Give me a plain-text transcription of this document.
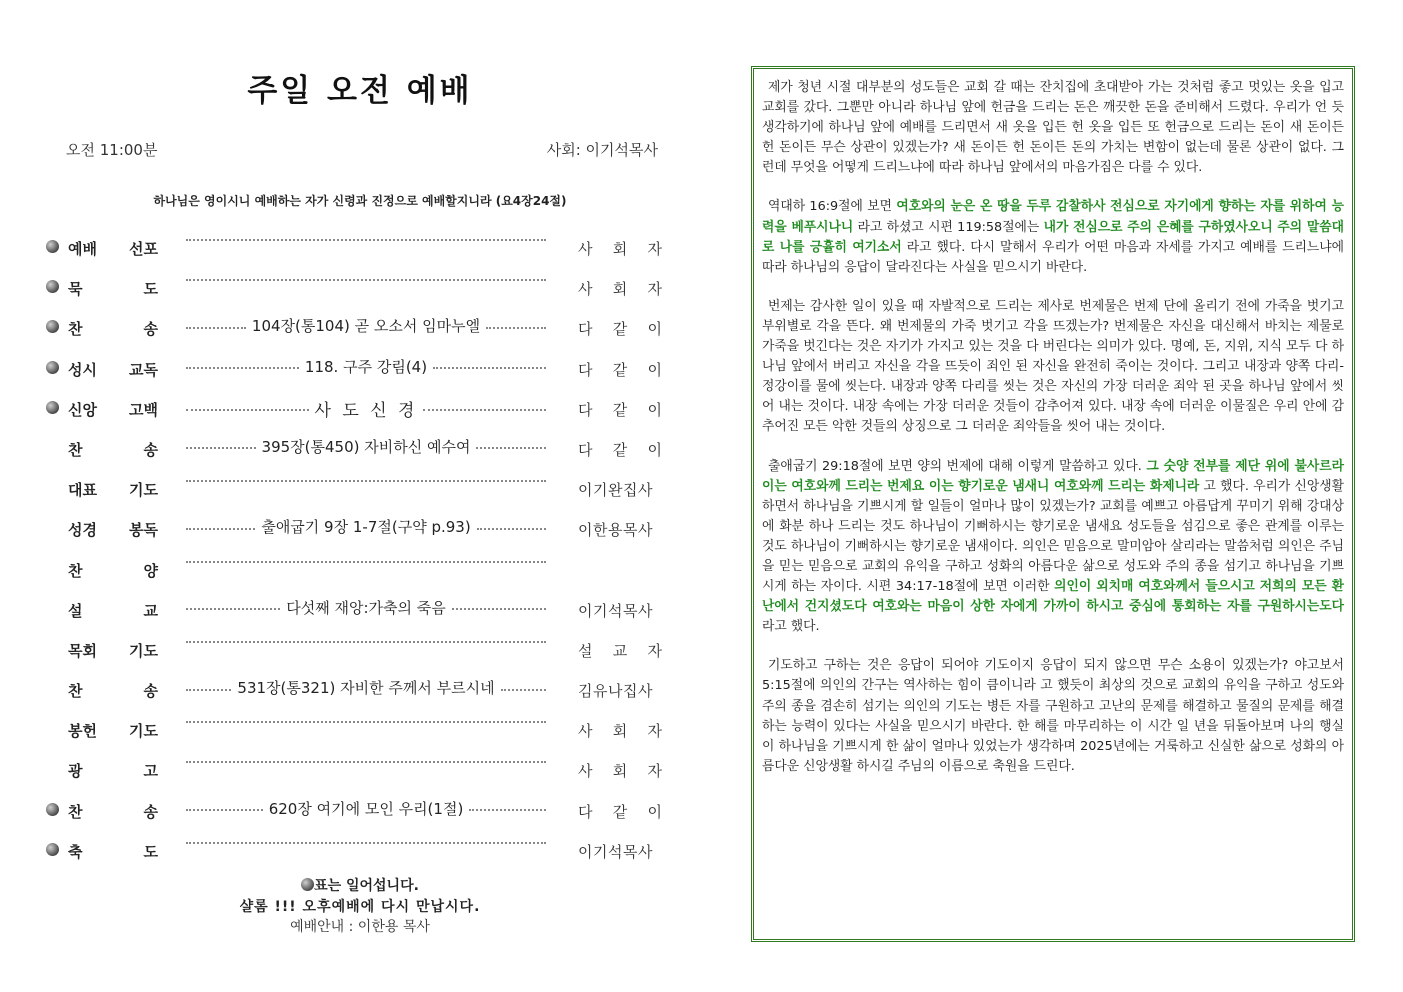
주일 오전 예배
오전 11:00분	사회: 이기석목사
하나님은 영이시니 예배하는 자가 신령과 진정으로 예배할지니라 (요4장24절)
예배 선포	사 회 자
묵	도	사 회 자
찬	송	104장(통104) 곧 오소서 임마누엘	다 같 이
성시 교독	118. 구주 강림(4)	다 같 이
신앙 고백	사 도 신 경	다 같 이
찬	송	395장(통450) 자비하신 예수여	다 같 이
대표 기도	이기완집사
성경 봉독	출애굽기 9장 1-7절(구약 p.93)	이한용목사
찬	양
설	교	다섯째 재앙:가축의 죽음	이기석목사
목회 기도	설 교 자
찬	송	531장(통321) 자비한 주께서 부르시네	김유나집사
봉헌 기도	사 회 자
광	고	사 회 자
찬	송	620장 여기에 모인 우리(1절)	다 같 이
축	도	이기석목사
표는 일어섭니다.
샬롬 !!! 오후예배에 다시 만납시다.
예배안내 : 이한용 목사

제가 청년 시절 대부분의 성도들은 교회 갈 때는 잔치집에 초대받아 가는 것처럼 좋고 멋있는 옷을 입고 교회를 갔다. 그뿐만 아니라 하나님 앞에 헌금을 드리는 돈은 깨끗한 돈을 준비해서 드렸다. 우리가 언 듯 생각하기에 하나님 앞에 예배를 드리면서 새 옷을 입든 헌 옷을 입든 또 헌금으로 드리는 돈이 새 돈이든 헌 돈이든 무슨 상관이 있겠는가? 새 돈이든 헌 돈이든 돈의 가치는 변함이 없는데 물론 상관이 없다. 그런데 무엇을 어떻게 드리느냐에 따라 하나님 앞에서의 마음가짐은 다를 수 있다.

역대하 16:9절에 보면 여호와의 눈은 온 땅을 두루 감찰하사 전심으로 자기에게 향하는 자를 위하여 능력을 베푸시나니 라고 하셨고 시편 119:58절에는 내가 전심으로 주의 은혜를 구하였사오니 주의 말씀대로 나를 긍휼히 여기소서 라고 했다. 다시 말해서 우리가 어떤 마음과 자세를 가지고 예배를 드리느냐에 따라 하나님의 응답이 달라진다는 사실을 믿으시기 바란다.

번제는 감사한 일이 있을 때 자발적으로 드리는 제사로 번제물은 번제 단에 올리기 전에 가죽을 벗기고 부위별로 각을 뜬다. 왜 번제물의 가죽 벗기고 각을 뜨겠는가? 번제물은 자신을 대신해서 바치는 제물로 가죽을 벗긴다는 것은 자기가 가지고 있는 것을 다 버린다는 의미가 있다. 명예, 돈, 지위, 지식 모두 다 하나님 앞에서 버리고 자신을 각을 뜨듯이 죄인 된 자신을 완전히 죽이는 것이다. 그리고 내장과 양쪽 다리-정강이를 물에 씻는다. 내장과 양쪽 다리를 씻는 것은 자신의 가장 더러운 죄악 된 곳을 하나님 앞에서 씻어 내는 것이다. 내장 속에는 가장 더러운 것들이 감추어져 있다. 내장 속에 더러운 이물질은 우리 안에 감추어진 모든 악한 것들의 상징으로 그 더러운 죄악들을 씻어 내는 것이다.

출애굽기 29:18절에 보면 양의 번제에 대해 이렇게 말씀하고 있다. 그 숫양 전부를 제단 위에 불사르라 이는 여호와께 드리는 번제요 이는 향기로운 냄새니 여호와께 드리는 화제니라 고 했다. 우리가 신앙생활 하면서 하나님을 기쁘시게 할 일들이 얼마나 많이 있겠는가? 교회를 예쁘고 아름답게 꾸미기 위해 강대상에 화분 하나 드리는 것도 하나님이 기뻐하시는 향기로운 냄새요 성도들을 섬김으로 좋은 관계를 이루는 것도 하나님이 기뻐하시는 향기로운 냄새이다. 의인은 믿음으로 말미암아 살리라는 말씀처럼 의인은 주님을 믿는 믿음으로 교회의 유익을 구하고 성화의 아름다운 삶으로 성도와 주의 종을 섬기고 하나님을 기쁘시게 하는 자이다. 시편 34:17-18절에 보면 이러한 의인이 외치매 여호와께서 들으시고 저희의 모든 환난에서 건지셨도다 여호와는 마음이 상한 자에게 가까이 하시고 중심에 통회하는 자를 구원하시는도다 라고 했다.

기도하고 구하는 것은 응답이 되어야 기도이지 응답이 되지 않으면 무슨 소용이 있겠는가? 야고보서 5:15절에 의인의 간구는 역사하는 힘이 큼이니라 고 했듯이 최상의 것으로 교회의 유익을 구하고 성도와 주의 종을 겸손히 섬기는 의인의 기도는 병든 자를 구원하고 고난의 문제를 해결하고 물질의 문제를 해결하는 능력이 있다는 사실을 믿으시기 바란다. 한 해를 마무리하는 이 시간 일 년을 뒤돌아보며 나의 행실이 하나님을 기쁘시게 한 삶이 얼마나 있었는가 생각하며 2025년에는 거룩하고 신실한 삶으로 성화의 아름다운 신앙생활 하시길 주님의 이름으로 축원을 드린다.
